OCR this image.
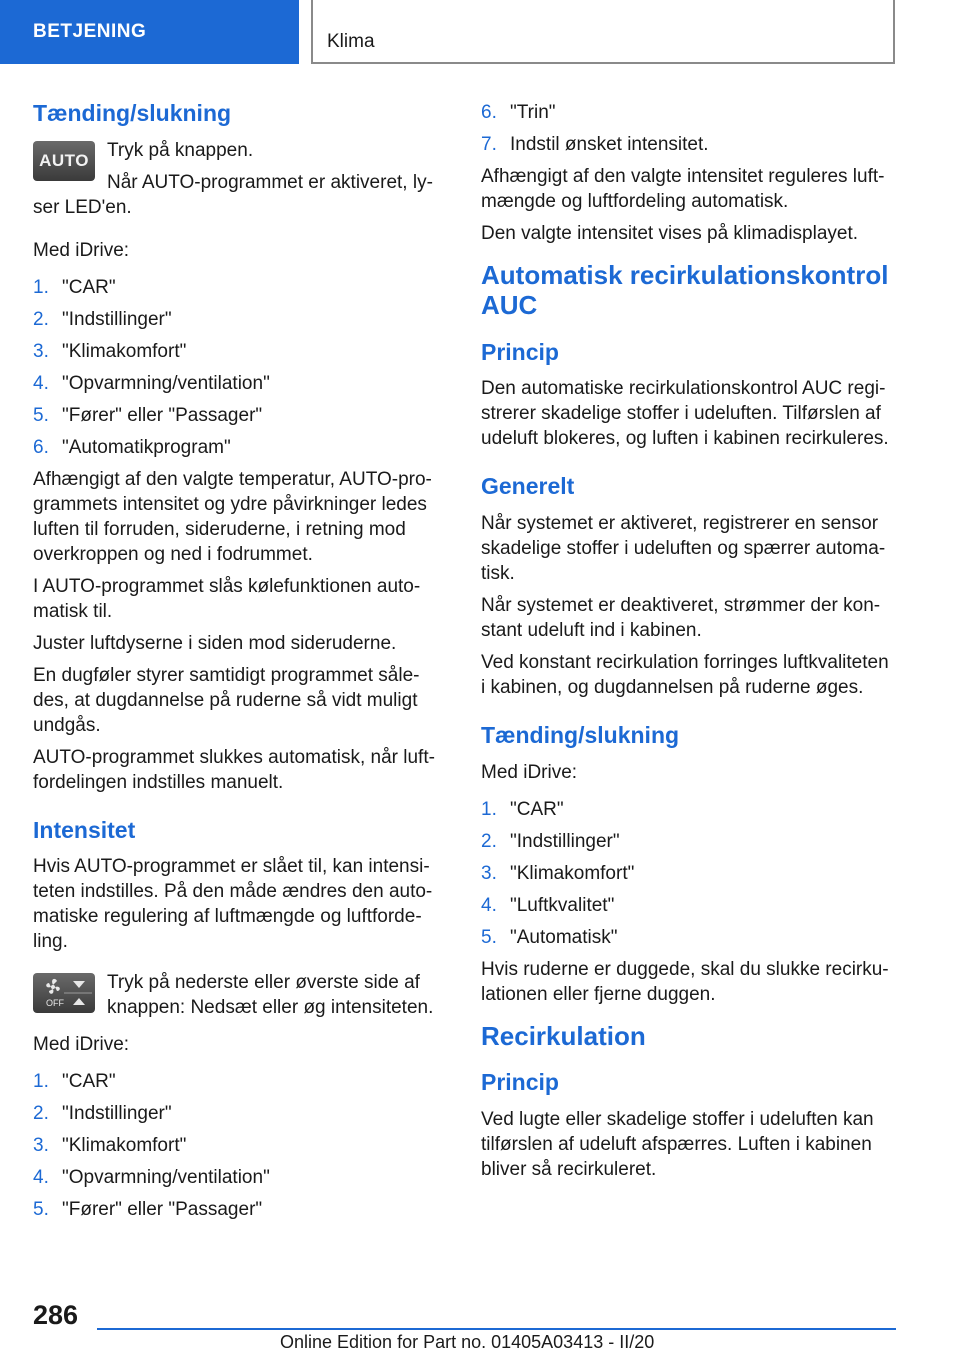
BETJENING	Klima
Tænding/slukning
AUTO Tryk på knappen.

Når AUTO-programmet er aktiveret, ly-

ser LED'en.

Med iDrive:

1. "CAR"
2. "Indstillinger"
3. "Klimakomfort"
4. "Opvarmning/ventilation"
5. "Fører" eller "Passager"
6. "Automatikprogram"

Afhængigt af den valgte temperatur, AUTO-pro- grammets intensitet og ydre påvirkninger ledes luften til forruden, sideruderne, i retning mod overkroppen og ned i fodrummet.

I AUTO-programmet slås kølefunktionen auto- matisk til.

Juster luftdyserne i siden mod sideruderne.

En dugføler styrer samtidigt programmet såle- des, at dugdannelse på ruderne så vidt muligt undgås.

AUTO-programmet slukkes automatisk, når luft- fordelingen indstilles manuelt.

Intensitet

Hvis AUTO-programmet er slået til, kan intensi- teten indstilles. På den måde ændres den auto- matiske regulering af luftmængde og luftforde- ling.

OFF

Tryk på nederste eller øverste side af knappen: Nedsæt eller øg intensiteten.

Med iDrive:

1. "CAR"
2. "Indstillinger"
3. "Klimakomfort"
4. "Opvarmning/ventilation"
5. "Fører" eller "Passager"
6. "Trin"
7. Indstil ønsket intensitet.

Afhængigt af den valgte intensitet reguleres luft- mængde og luftfordeling automatisk.

Den valgte intensitet vises på klimadisplayet.

Automatisk recirkulationskontrol AUC
Princip

Den automatiske recirkulationskontrol AUC regi- strerer skadelige stoffer i udeluften. Tilførslen af udeluft blokeres, og luften i kabinen recirkuleres.

Generelt

Når systemet er aktiveret, registrerer en sensor skadelige stoffer i udeluften og spærrer automa- tisk.

Når systemet er deaktiveret, strømmer der kon- stant udeluft ind i kabinen.

Ved konstant recirkulation forringes luftkvaliteten i kabinen, og dugdannelsen på ruderne øges.

Tænding/slukning

Med iDrive:

1. "CAR"
2. "Indstillinger"
3. "Klimakomfort"
4. "Luftkvalitet"
5. "Automatisk"

Hvis ruderne er duggede, skal du slukke recirku- lationen eller fjerne duggen.

Recirkulation
Princip

Ved lugte eller skadelige stoffer i udeluften kan tilførslen af udeluft afspærres. Luften i kabinen bliver så recirkuleret.

286
Online Edition for Part no. 01405A03413 - II/20
